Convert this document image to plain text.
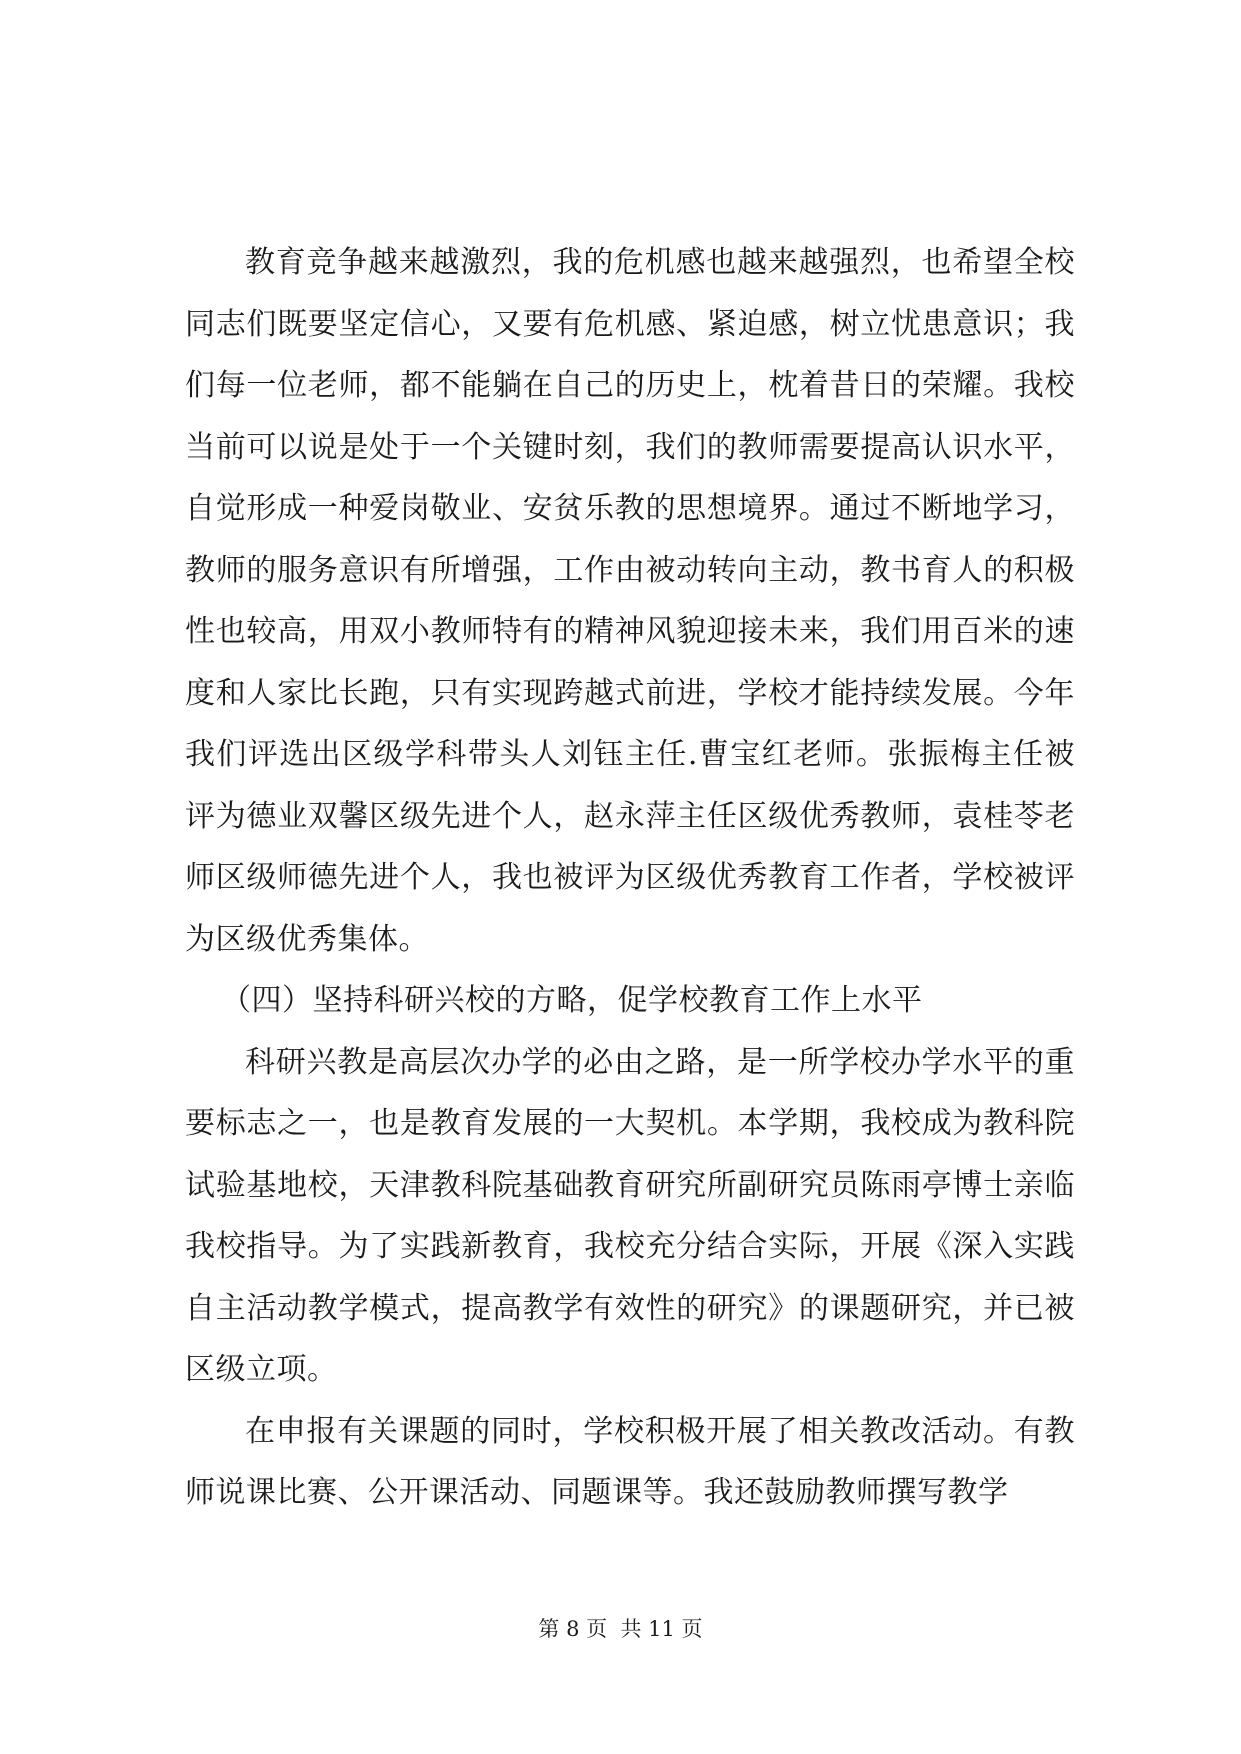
教育竞争越来越激烈，我的危机感也越来越强烈，也希望全校同志们既要坚定信心，又要有危机感、紧迫感，树立忧患意识；我们每一位老师，都不能躺在自己的历史上，枕着昔日的荣耀。我校当前可以说是处于一个关键时刻，我们的教师需要提高认识水平，自觉形成一种爱岗敬业、安贫乐教的思想境界。通过不断地学习，教师的服务意识有所增强，工作由被动转向主动，教书育人的积极性也较高，用双小教师特有的精神风貌迎接未来，我们用百米的速度和人家比长跑，只有实现跨越式前进，学校才能持续发展。今年我们评选出区级学科带头人刘钰主任.曹宝红老师。张振梅主任被评为德业双馨区级先进个人，赵永萍主任区级优秀教师，袁桂苓老师区级师德先进个人，我也被评为区级优秀教育工作者，学校被评为区级优秀集体。

（四）坚持科研兴校的方略，促学校教育工作上水平

科研兴教是高层次办学的必由之路，是一所学校办学水平的重要标志之一，也是教育发展的一大契机。本学期，我校成为教科院试验基地校，天津教科院基础教育研究所副研究员陈雨亭博士亲临我校指导。为了实践新教育，我校充分结合实际，开展《深入实践自主活动教学模式，提高教学有效性的研究》的课题研究，并已被区级立项。

在申报有关课题的同时，学校积极开展了相关教改活动。有教师说课比赛、公开课活动、同题课等。我还鼓励教师撰写教学

第 8 页  共 11 页
